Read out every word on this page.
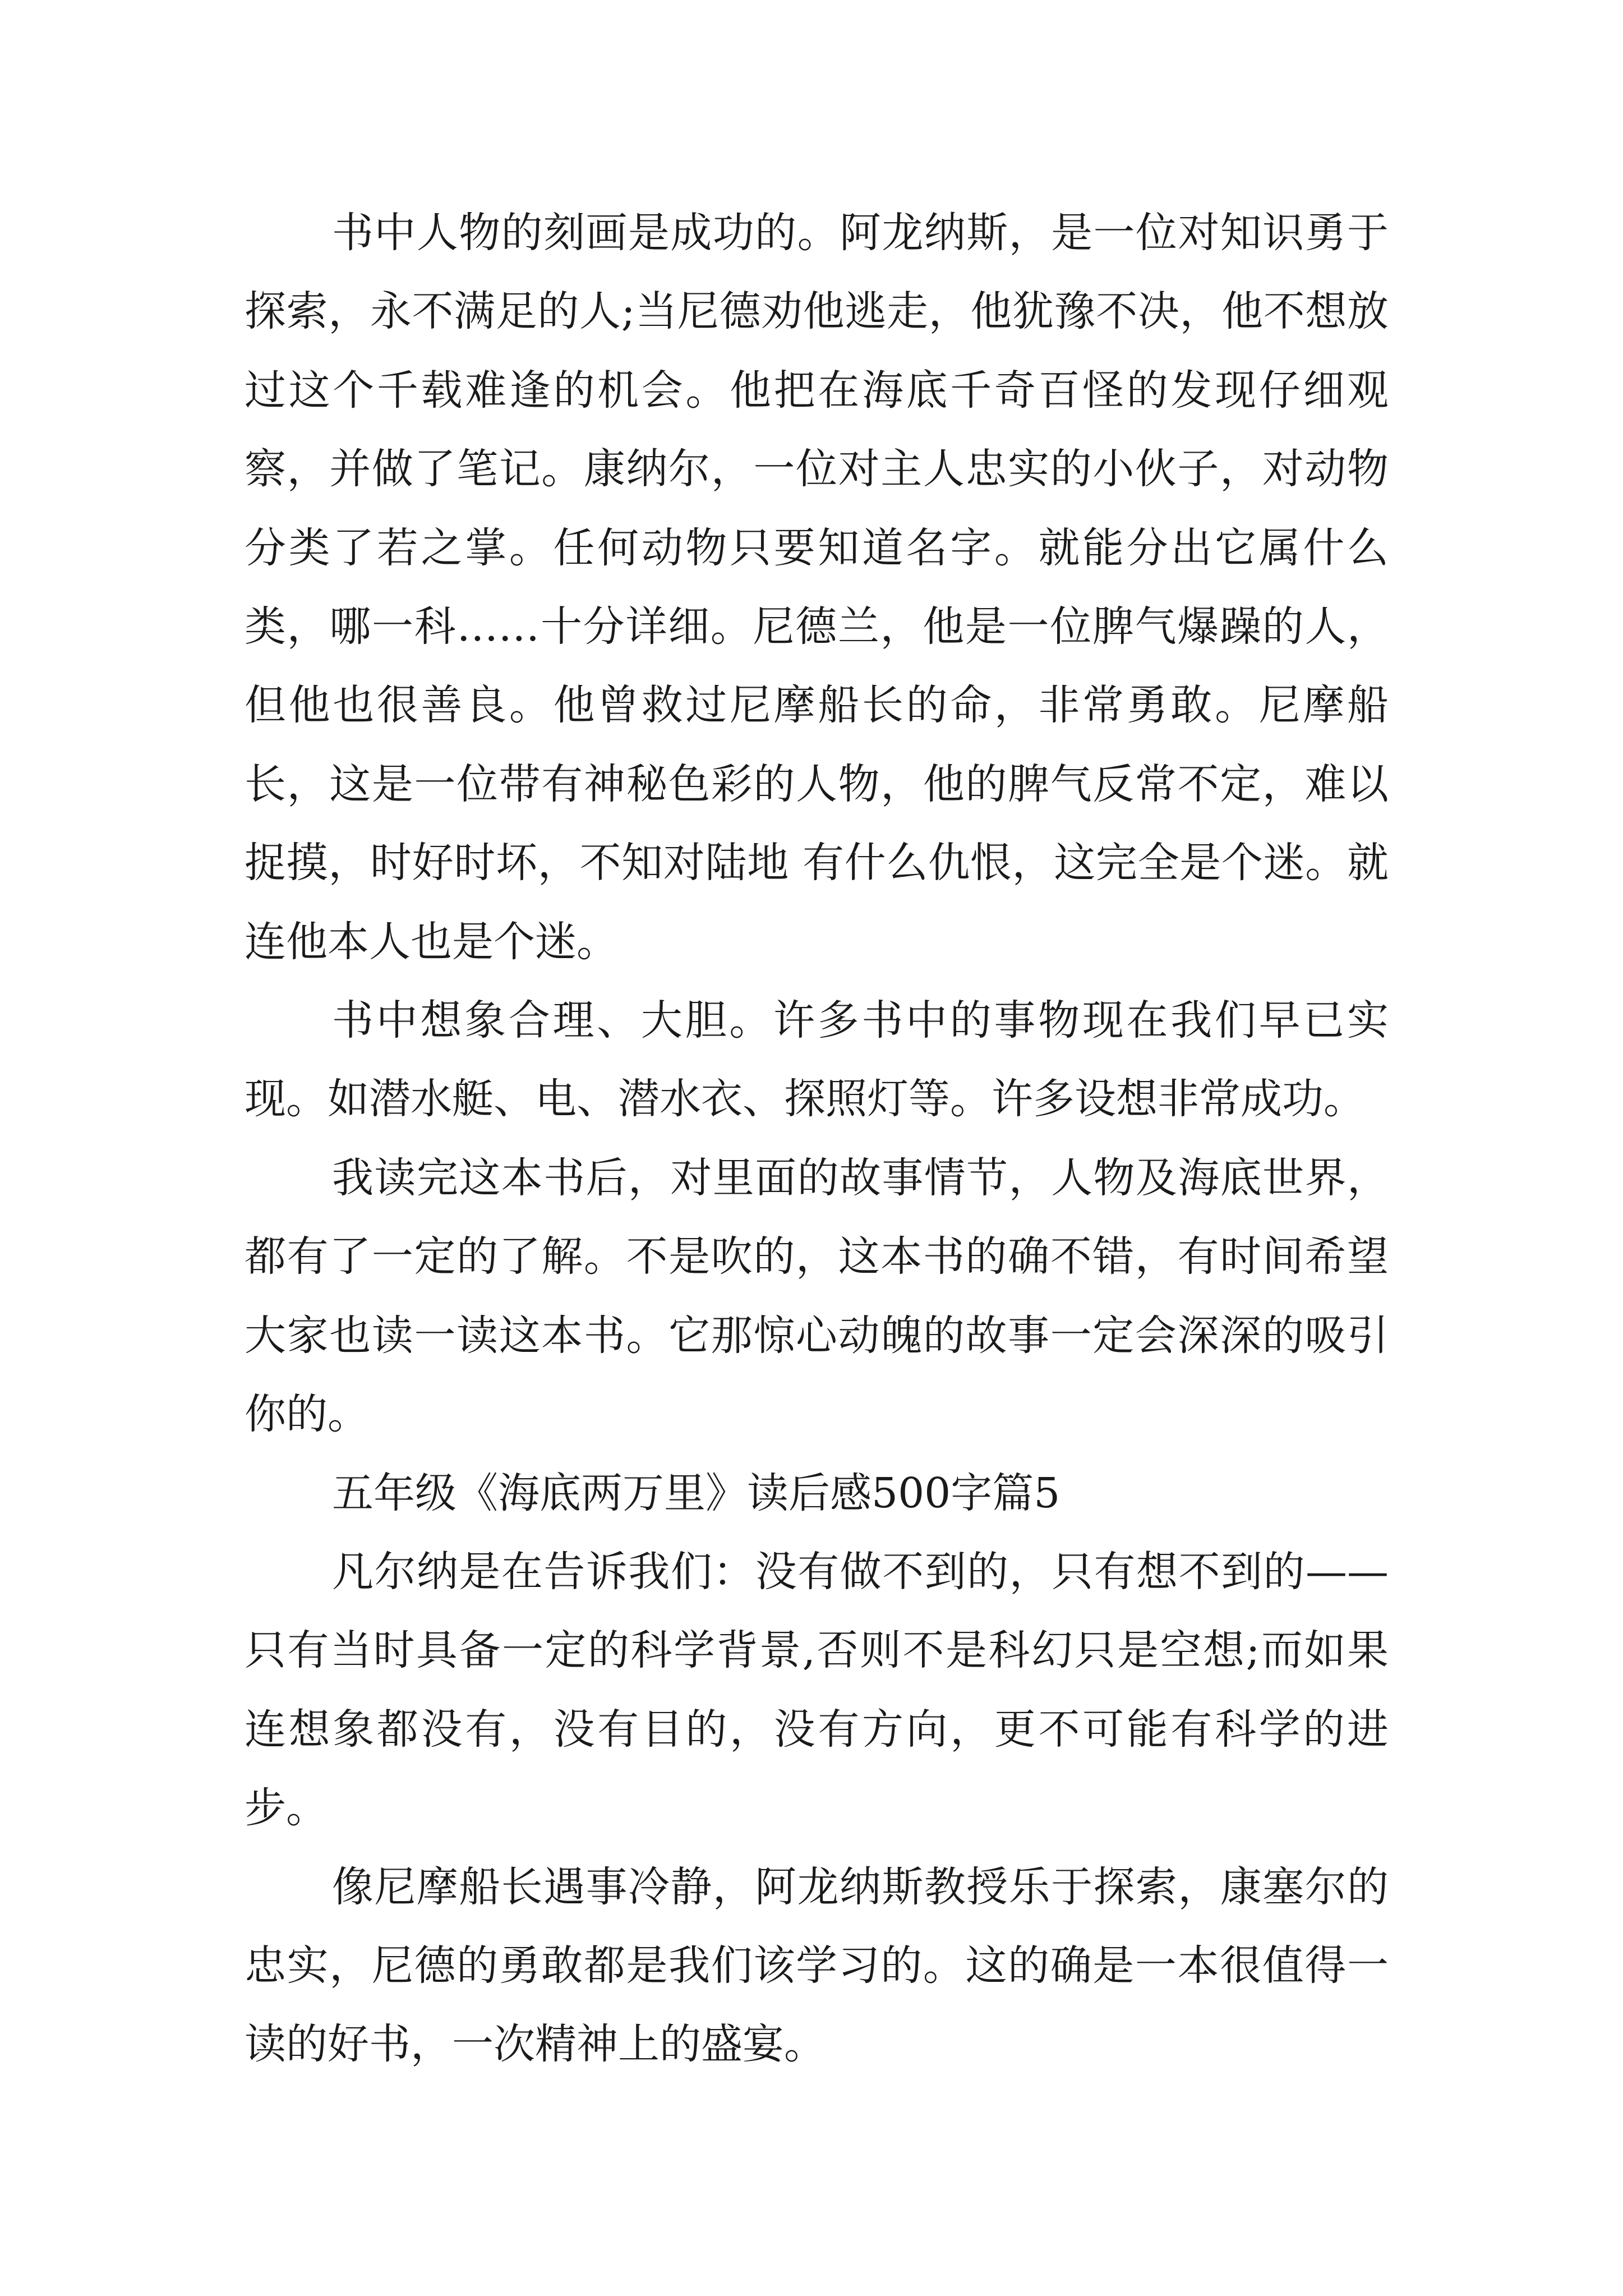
书中人物的刻画是成功的。阿龙纳斯，是一位对知识勇于探索，永不满足的人;当尼德劝他逃走，他犹豫不决，他不想放过这个千载难逢的机会。他把在海底千奇百怪的发现仔细观察，并做了笔记。康纳尔，一位对主人忠实的小伙子，对动物分类了若之掌。任何动物只要知道名字。就能分出它属什么类，哪一科……十分详细。尼德兰，他是一位脾气爆躁的人，但他也很善良。他曾救过尼摩船长的命，非常勇敢。尼摩船长，这是一位带有神秘色彩的人物，他的脾气反常不定，难以捉摸，时好时坏，不知对陆地 有什么仇恨，这完全是个迷。就连他本人也是个迷。

书中想象合理、大胆。许多书中的事物现在我们早已实现。如潜水艇、电、潜水衣、探照灯等。许多设想非常成功。

我读完这本书后，对里面的故事情节，人物及海底世界，都有了一定的了解。不是吹的，这本书的确不错，有时间希望大家也读一读这本书。它那惊心动魄的故事一定会深深的吸引你的。

五年级《海底两万里》读后感500字篇5

凡尔纳是在告诉我们：没有做不到的，只有想不到的——只有当时具备一定的科学背景,否则不是科幻只是空想;而如果连想象都没有，没有目的，没有方向，更不可能有科学的进步。

像尼摩船长遇事冷静，阿龙纳斯教授乐于探索，康塞尔的忠实，尼德的勇敢都是我们该学习的。这的确是一本很值得一读的好书，一次精神上的盛宴。
